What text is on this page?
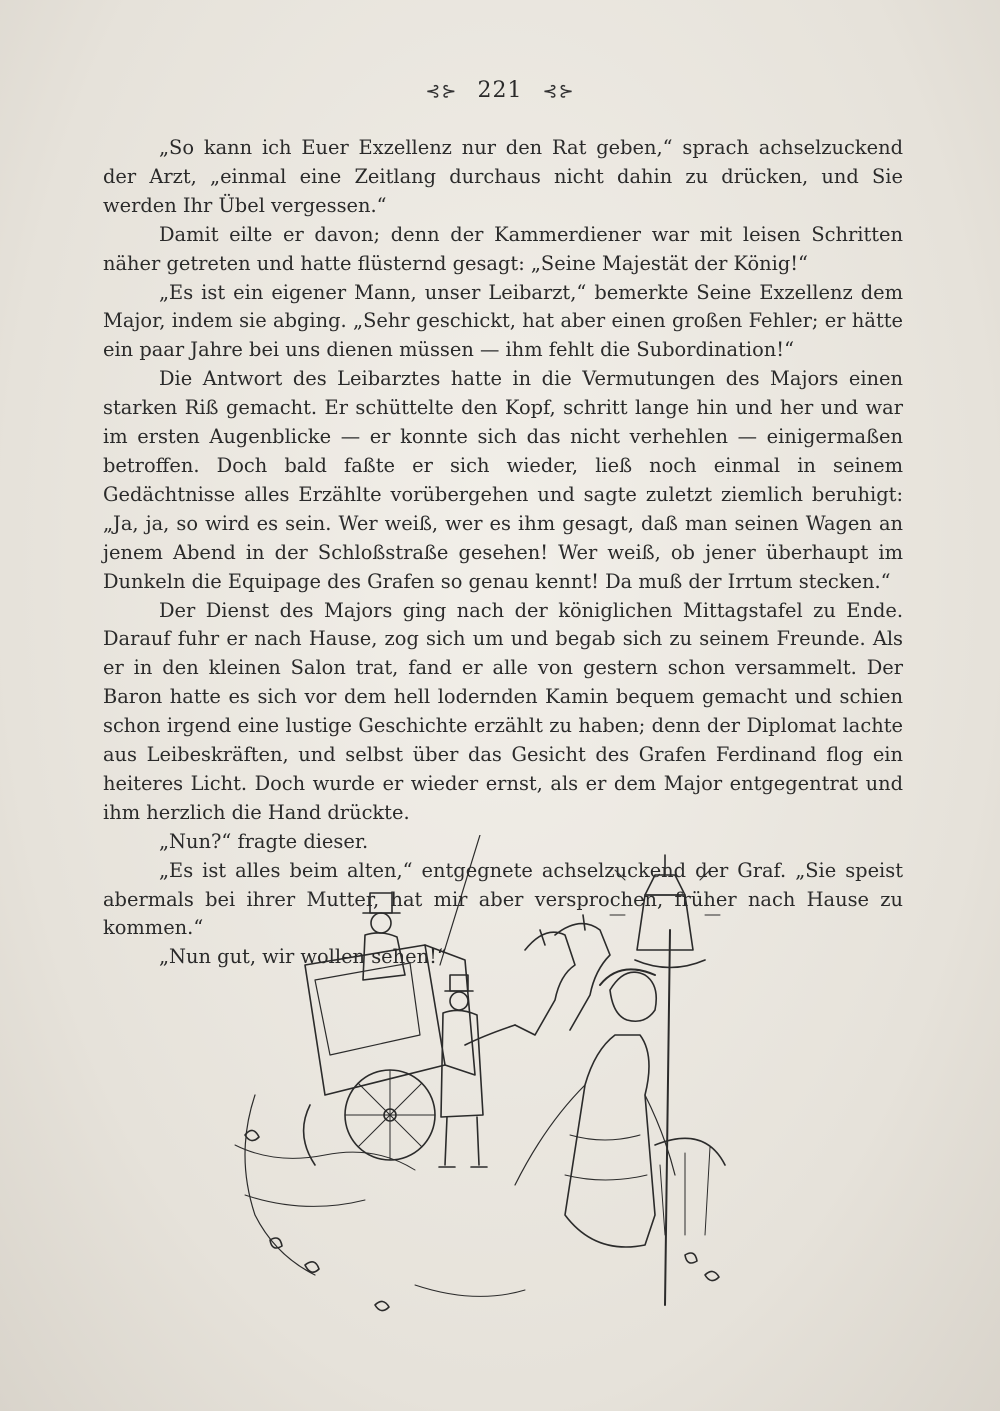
⊰⊱ 221 ⊰⊱

„So kann ich Euer Exzellenz nur den Rat geben,“ sprach achselzuckend der Arzt, „einmal eine Zeitlang durchaus nicht dahin zu drücken, und Sie werden Ihr Übel vergessen.“

Damit eilte er davon; denn der Kammerdiener war mit leisen Schritten näher getreten und hatte flüsternd gesagt: „Seine Majestät der König!“

„Es ist ein eigener Mann, unser Leibarzt,“ bemerkte Seine Exzellenz dem Major, indem sie abging. „Sehr geschickt, hat aber einen großen Fehler; er hätte ein paar Jahre bei uns dienen müssen — ihm fehlt die Subordination!“

Die Antwort des Leibarztes hatte in die Vermutungen des Majors einen starken Riß gemacht. Er schüttelte den Kopf, schritt lange hin und her und war im ersten Augenblicke — er konnte sich das nicht verhehlen — einigermaßen betroffen. Doch bald faßte er sich wieder, ließ noch einmal in seinem Gedächtnisse alles Erzählte vorübergehen und sagte zuletzt ziemlich beruhigt: „Ja, ja, so wird es sein. Wer weiß, wer es ihm gesagt, daß man seinen Wagen an jenem Abend in der Schloßstraße gesehen! Wer weiß, ob jener überhaupt im Dunkeln die Equipage des Grafen so genau kennt! Da muß der Irrtum stecken.“

Der Dienst des Majors ging nach der königlichen Mittagstafel zu Ende. Darauf fuhr er nach Hause, zog sich um und begab sich zu seinem Freunde. Als er in den kleinen Salon trat, fand er alle von gestern schon versammelt. Der Baron hatte es sich vor dem hell lodernden Kamin bequem gemacht und schien schon irgend eine lustige Geschichte erzählt zu haben; denn der Diplomat lachte aus Leibeskräften, und selbst über das Gesicht des Grafen Ferdinand flog ein heiteres Licht. Doch wurde er wieder ernst, als er dem Major entgegentrat und ihm herzlich die Hand drückte.

„Nun?“ fragte dieser.

„Es ist alles beim alten,“ entgegnete achselzuckend der Graf. „Sie speist abermals bei ihrer Mutter, hat mir aber versprochen, früher nach Hause zu kommen.“

„Nun gut, wir wollen sehen!“
